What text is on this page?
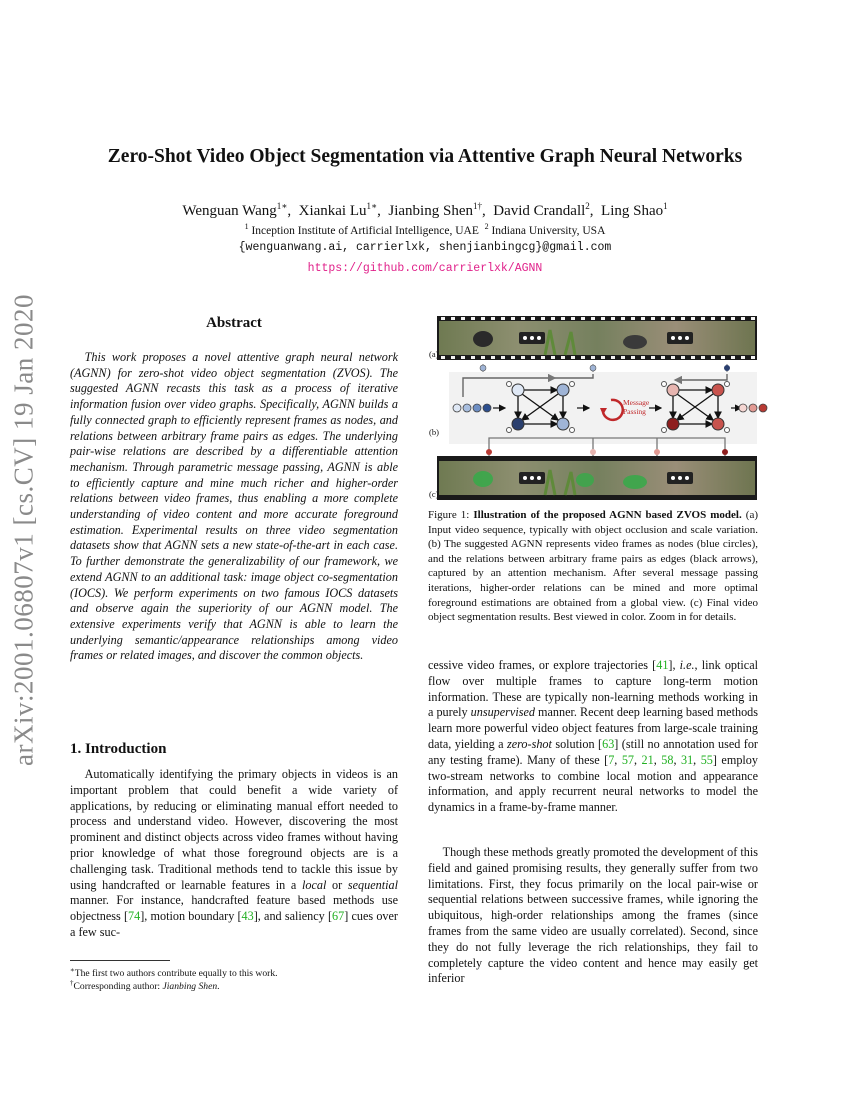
Zero-Shot Video Object Segmentation via Attentive Graph Neural Networks
Wenguan Wang$^{1∗}$,  Xiankai $Lu^{1∗}$,  Jianbing Shen$^{1\dagger}$,  David Crandall$^2$,  Ling Shao$^1$
$^1$ Inception Institute of Artificial Intelligence, UAE $^2$ Indiana University, USA
{wenguanwang.ai, carrierlxk, shenjianbingcg}@gmail.com
https://github.com/carrierlxk/AGNN
arXiv:2001.06807v1 [cs.CV] 19 Jan 2020	Abstract
This work proposes a novel attentive graph neural network (AGNN) for zero-shot video object segmentation (ZVOS). The suggested AGNN recasts this task as a process of iterative information fusion over video graphs. Specifically, AGNN builds a fully connected graph to efficiently represent frames as nodes, and relations between arbitrary frame pairs as edges. The underlying pair-wise relations are described by a differentiable attention mechanism. Through parametric message passing, AGNN is able to efficiently capture and mine much richer and higher-order relations between video frames, thus enabling a more complete understanding of video content and more accurate foreground estimation. Experimental results on three video segmentation datasets show that AGNN sets a new state-of-the-art in each case. To further demonstrate the generalizability of our framework, we extend AGNN to an additional task: image object co-segmentation (IOCS). We perform experiments on two famous IOCS datasets and observe again the superiority of our AGNN model. The extensive experiments verify that AGNN is able to learn the underlying semantic/appearance relationships among video frames or related images, and discover the common objects.
1. Introduction
Automatically identifying the primary objects in videos is an important problem that could benefit a wide variety of applications, by reducing or eliminating manual effort needed to process and understand video. However, discovering the most prominent and distinct objects across video frames without having prior knowledge of what those foreground objects are is a challenging task. Traditional methods tend to tackle this issue by using handcrafted or learnable features in a local or sequential manner. For instance, handcrafted feature based methods use objectness [74], motion boundary [43], and saliency [67] cues over a few suc-
∗The first two authors contribute equally to this work.
†Corresponding author: Jianbing Shen.
(a)
Message
Passing
(b)
(c)
Figure 1: Illustration of the proposed AGNN based ZVOS model. (a) Input video sequence, typically with object occlusion and scale variation. (b) The suggested AGNN represents video frames as nodes (blue circles), and the relations between arbitrary frame pairs as edges (black arrows), captured by an attention mechanism. After several message passing iterations, higher-order relations can be mined and more optimal foreground estimations are obtained from a global view. (c) Final video object segmentation results. Best viewed in color. Zoom in for details.
cessive video frames, or explore trajectories [41], i.e., link optical flow over multiple frames to capture long-term motion information. These are typically non-learning methods working in a purely unsupervised manner. Recent deep learning based methods learn more powerful video object features from large-scale training data, yielding a zero-shot solution [63] (still no annotation used for any testing frame). Many of these [7, 57, 21, 58, 31, 55] employ two-stream networks to combine local motion and appearance information, and apply recurrent neural networks to model the dynamics in a frame-by-frame manner.
Though these methods greatly promoted the development of this field and gained promising results, they generally suffer from two limitations. First, they focus primarily on the local pair-wise or sequential relations between successive frames, while ignoring the ubiquitous, high-order relationships among the frames (since frames from the same video are usually correlated). Second, since they do not fully leverage the rich relationships, they fail to completely capture the video content and hence may easily get inferior
